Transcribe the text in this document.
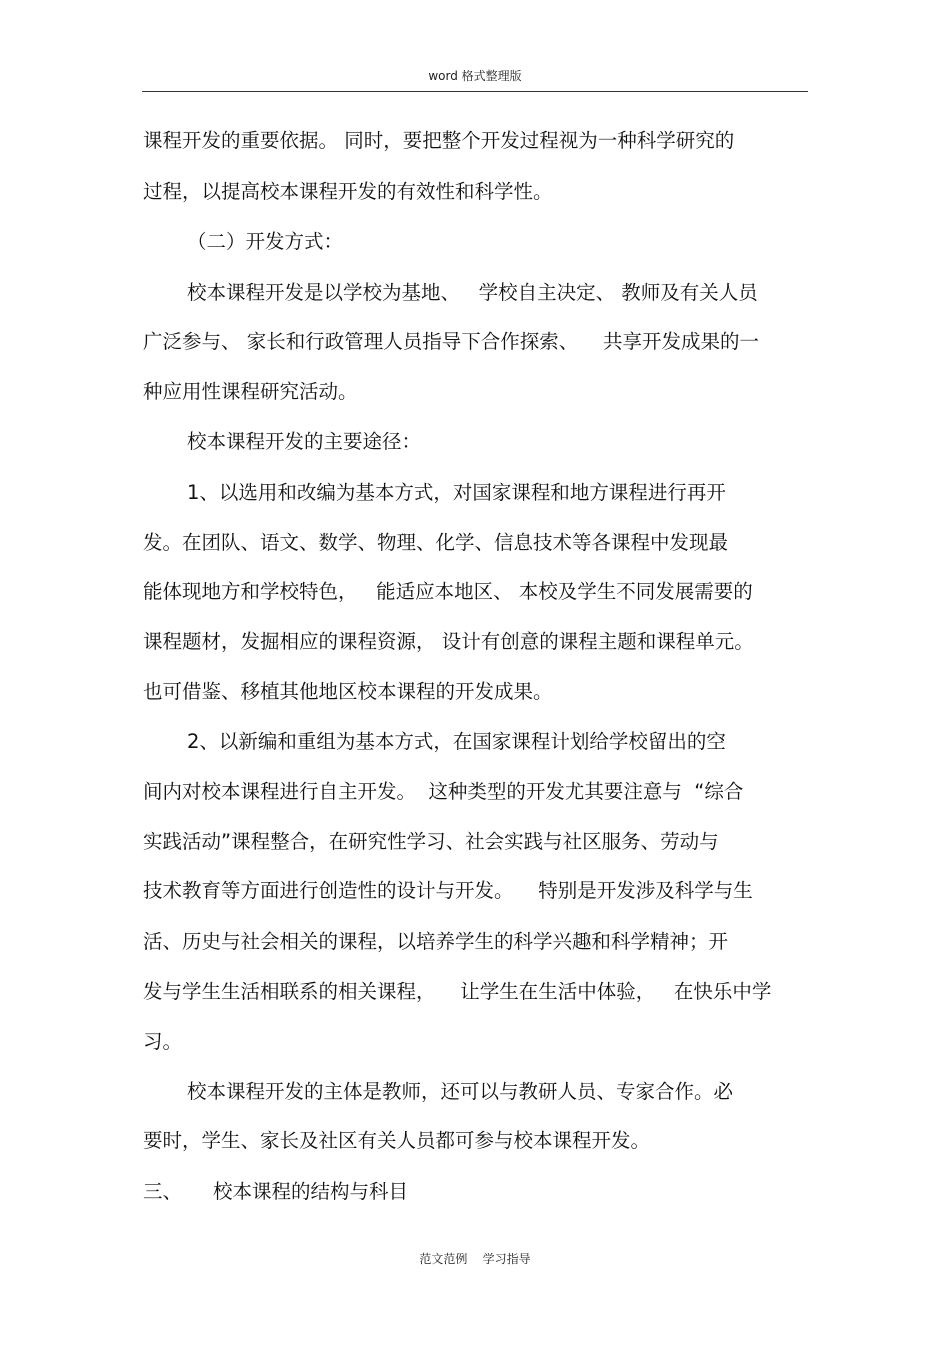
word 格式整理版
课程开发的重要依据。 同时，要把整个开发过程视为一种科学研究的
过程，以提高校本课程开发的有效性和科学性。
（二）开发方式：
校本课程开发是以学校为基地、   学校自主决定、 教师及有关人员
广泛参与、 家长和行政管理人员指导下合作探索、    共享开发成果的一
种应用性课程研究活动。
校本课程开发的主要途径：
1、以选用和改编为基本方式，对国家课程和地方课程进行再开
发。在团队、语文、数学、物理、化学、信息技术等各课程中发现最
能体现地方和学校特色，   能适应本地区、 本校及学生不同发展需要的
课程题材，发掘相应的课程资源， 设计有创意的课程主题和课程单元。
也可借鉴、移植其他地区校本课程的开发成果。
2、以新编和重组为基本方式，在国家课程计划给学校留出的空
间内对校本课程进行自主开发。  这种类型的开发尤其要注意与  “综合
实践活动”课程整合，在研究性学习、社会实践与社区服务、劳动与
技术教育等方面进行创造性的设计与开发。    特别是开发涉及科学与生
活、历史与社会相关的课程，以培养学生的科学兴趣和科学精神；开
发与学生生活相联系的相关课程，    让学生在生活中体验，   在快乐中学
习。
校本课程开发的主体是教师，还可以与教研人员、专家合作。必
要时，学生、家长及社区有关人员都可参与校本课程开发。
三、     校本课程的结构与科目
范文范例    学习指导
